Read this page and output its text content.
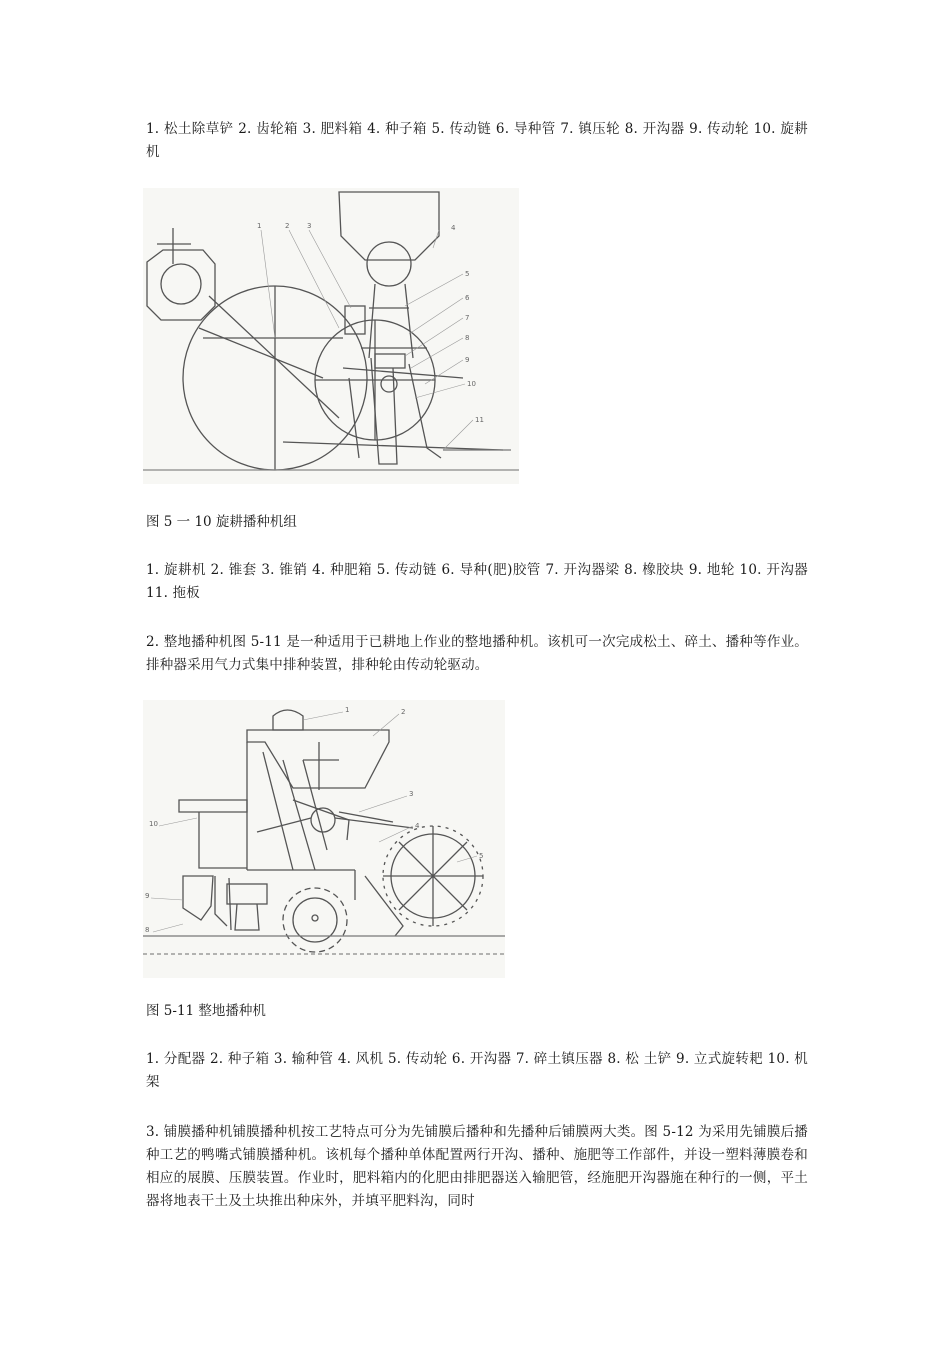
1. 松土除草铲 2. 齿轮箱 3. 肥料箱 4. 种子箱 5. 传动链 6. 导种管 7. 镇压轮 8. 开沟器 9. 传动轮 10. 旋耕机

1	2	3	4
5
6
7
8
9
10
11

图 5 一 10 旋耕播种机组

1. 旋耕机 2. 锥套 3. 锥销 4. 种肥箱 5. 传动链 6. 导种(肥)胶管 7. 开沟器梁 8. 橡胶块 9. 地轮 10. 开沟器 11. 拖板

2. 整地播种机图 5-11 是一种适用于已耕地上作业的整地播种机。该机可一次完成松土、碎土、播种等作业。排种器采用气力式集中排种装置，排种轮由传动轮驱动。

1	2
3
4
5
8
9
10

图 5-11 整地播种机

1. 分配器 2. 种子箱 3. 输种管 4. 风机 5. 传动轮 6. 开沟器 7. 碎土镇压器 8. 松 土铲 9. 立式旋转耙 10. 机架

3. 铺膜播种机铺膜播种机按工艺特点可分为先铺膜后播种和先播种后铺膜两大类。图 5-12 为采用先铺膜后播种工艺的鸭嘴式铺膜播种机。该机每个播种单体配置两行开沟、播种、施肥等工作部件，并设一塑料薄膜卷和相应的展膜、压膜装置。作业时，肥料箱内的化肥由排肥器送入输肥管，经施肥开沟器施在种行的一侧，平土器将地表干土及土块推出种床外，并填平肥料沟，同时
